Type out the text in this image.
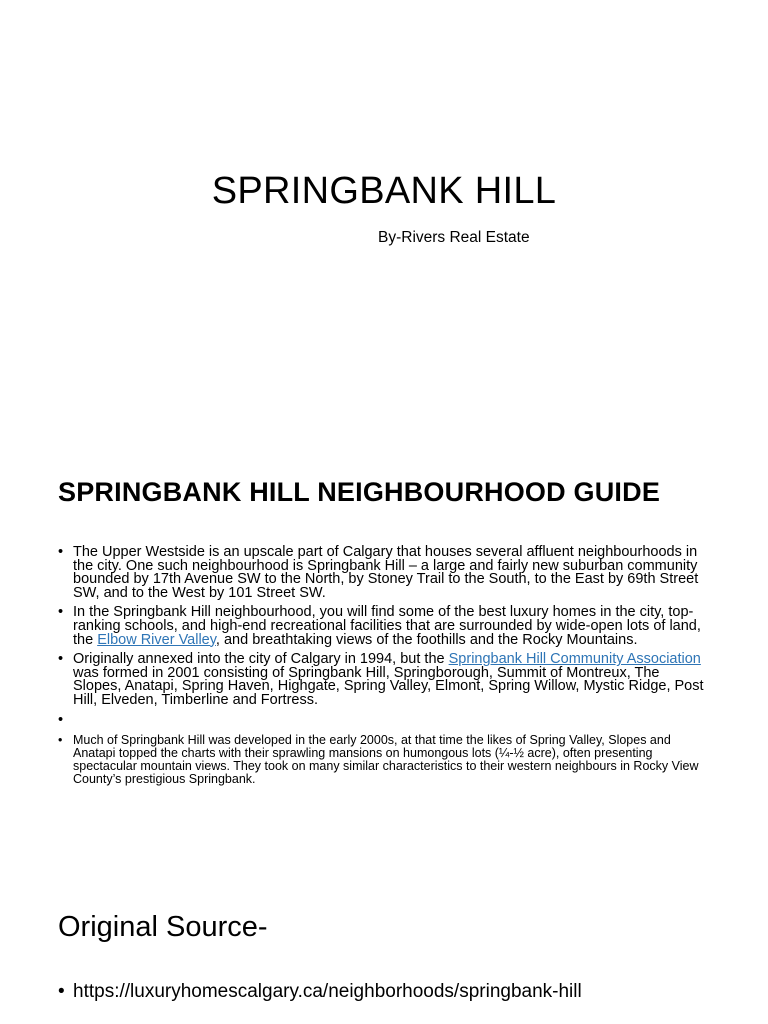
SPRINGBANK HILL

By-Rivers Real Estate

SPRINGBANK HILL NEIGHBOURHOOD GUIDE
• The Upper Westside is an upscale part of Calgary that houses several affluent neighbourhoods in the city. One such neighbourhood is Springbank Hill – a large and fairly new suburban community bounded by 17th Avenue SW to the North, by Stoney Trail to the South, to the East by 69th Street SW, and to the West by 101 Street SW.
• In the Springbank Hill neighbourhood, you will find some of the best luxury homes in the city, top-ranking schools, and high-end recreational facilities that are surrounded by wide-open lots of land, the Elbow River Valley, and breathtaking views of the foothills and the Rocky Mountains.
• Originally annexed into the city of Calgary in 1994, but the Springbank Hill Community Association was formed in 2001 consisting of Springbank Hill, Springborough, Summit of Montreux, The Slopes, Anatapi, Spring Haven, Highgate, Spring Valley, Elmont, Spring Willow, Mystic Ridge, Post Hill, Elveden, Timberline and Fortress.
•
• Much of Springbank Hill was developed in the early 2000s, at that time the likes of Spring Valley, Slopes and Anatapi topped the charts with their sprawling mansions on humongous lots (¼-½ acre), often presenting spectacular mountain views. They took on many similar characteristics to their western neighbours in Rocky View County’s prestigious Springbank.
Original Source-
• https://luxuryhomescalgary.ca/neighborhoods/springbank-hill
